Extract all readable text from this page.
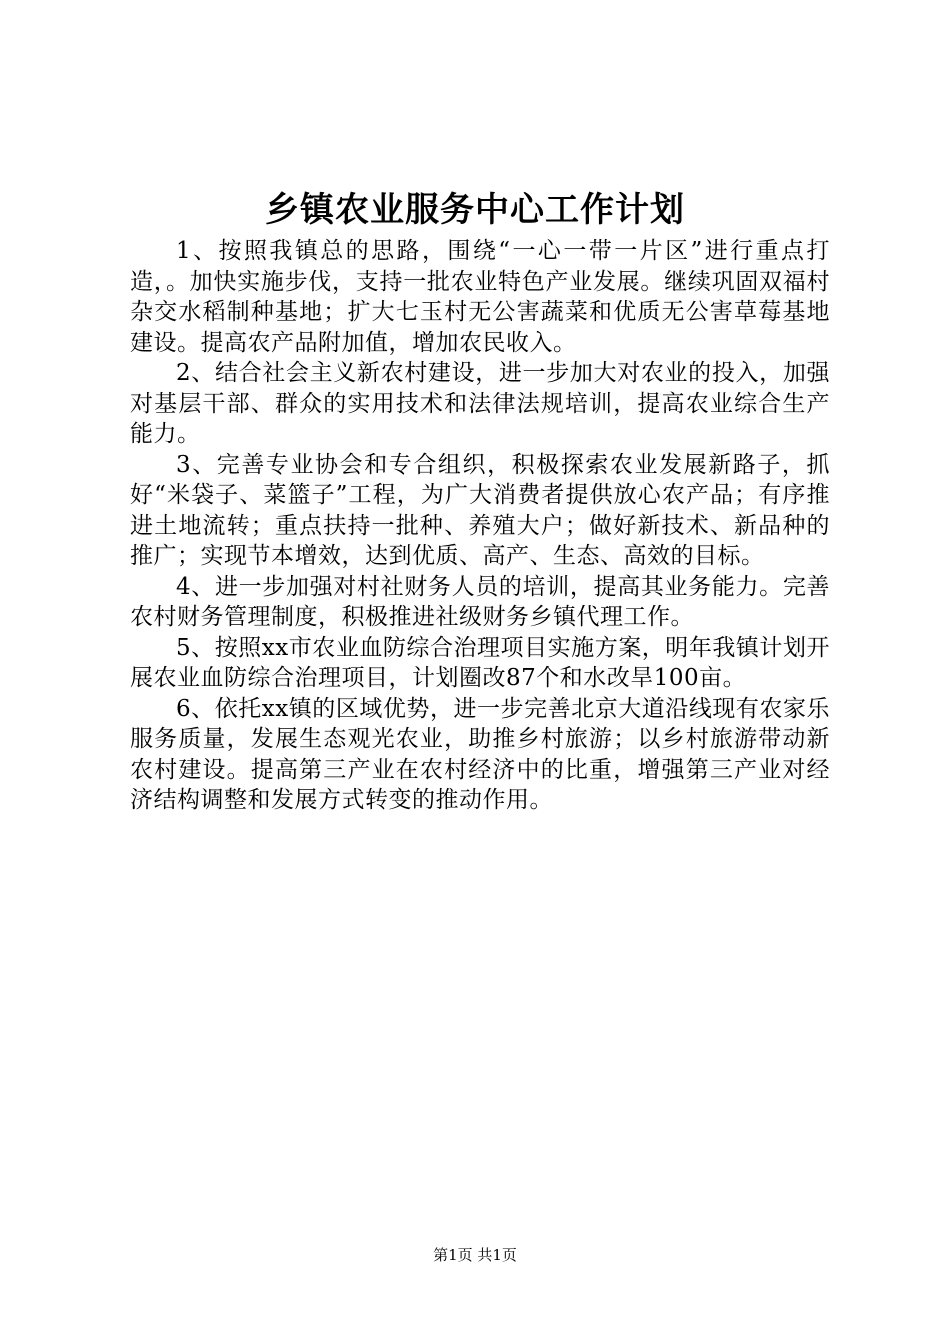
乡镇农业服务中心工作计划

1、按照我镇总的思路，围绕“一心一带一片区”进行重点打造，。加快实施步伐，支持一批农业特色产业发展。继续巩固双福村杂交水稻制种基地；扩大七玉村无公害蔬菜和优质无公害草莓基地建设。提高农产品附加值，增加农民收入。

2、结合社会主义新农村建设，进一步加大对农业的投入，加强对基层干部、群众的实用技术和法律法规培训，提高农业综合生产能力。

3、完善专业协会和专合组织，积极探索农业发展新路子，抓好“米袋子、菜篮子”工程，为广大消费者提供放心农产品；有序推进土地流转；重点扶持一批种、养殖大户；做好新技术、新品种的推广；实现节本增效，达到优质、高产、生态、高效的目标。

4、进一步加强对村社财务人员的培训，提高其业务能力。完善农村财务管理制度，积极推进社级财务乡镇代理工作。

5、按照xx市农业血防综合治理项目实施方案，明年我镇计划开展农业血防综合治理项目，计划圈改87个和水改旱100亩。

6、依托xx镇的区域优势，进一步完善北京大道沿线现有农家乐服务质量，发展生态观光农业，助推乡村旅游；以乡村旅游带动新农村建设。提高第三产业在农村经济中的比重，增强第三产业对经济结构调整和发展方式转变的推动作用。

第1页 共1页
